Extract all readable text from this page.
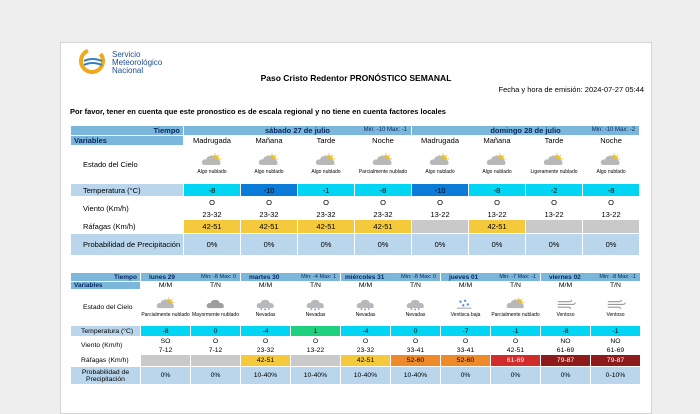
Servicio
Meteorológico
Nacional
Paso Cristo Redentor PRONÓSTICO SEMANAL
Fecha y hora de emisión: 2024-07-27 05:44
Por favor, tener en cuenta que este pronostico es de escala regional y no tiene en cuenta factores locales
Tiempo	sábado 27 de julio Min: -10 Max: -1				domingo 28 de julio Min: -10 Max: -2			

Variables	Madrugada	Mañana	Tarde	Noche	Madrugada	Mañana	Tarde	Noche
Estado del Cielo	Algo nublado	Algo nublado	Algo nublado	Parcialmente nublado	Algo nublado	Algo nublado	Ligeramente nublado	Algo nublado

Temperatura (°C)	-8	-10	-1	-8	-10	-8	-2	-8
Viento (Km/h)	O	O	O	O	O	O	O	O
	23-32	23-32	23-32	23-32	13-22	13-22	13-22	13-22
Ráfagas (Km/h)	42-51	42-51	42-51	42-51		42-51		
Probabilidad de Precipitación	0%	0%	0%	0%	0%	0%	0%	0%
Tiempo	lunes 29 Min: -8 Max: 0		martes 30 Min: -4 Max: 1		miércoles 31 Min: -8 Max: 0		jueves 01 Min: -7 Max: -1		viernes 02 Min: -8 Max: -1	

Variables	M/M	T/N	M/M	T/N	M/M	T/N	M/M	T/N	M/M	T/N
Estado del Cielo	Parcialmente nublado	Mayormente nublado	Nevadas	Nevadas	Nevadas	Nevadas	Ventisca baja	Parcialmente nublado	Ventoso	Ventoso

Temperatura (°C)	-8	0	-4	1	-4	0	-7	-1	-8	-1
Viento (Km/h)	SO	O	O	O	O	O	O	O	NO	NO
	7-12	7-12	23-32	13-22	23-32	33-41	33-41	42-51	61-69	61-69
Ráfagas (Km/h)			42-51		42-51	52-60	52-60	61-69	79-87	79-87
Probabilidad de Precipitación	0%	0%	10-40%	10-40%	10-40%	10-40%	0%	0%	0%	0-10%
